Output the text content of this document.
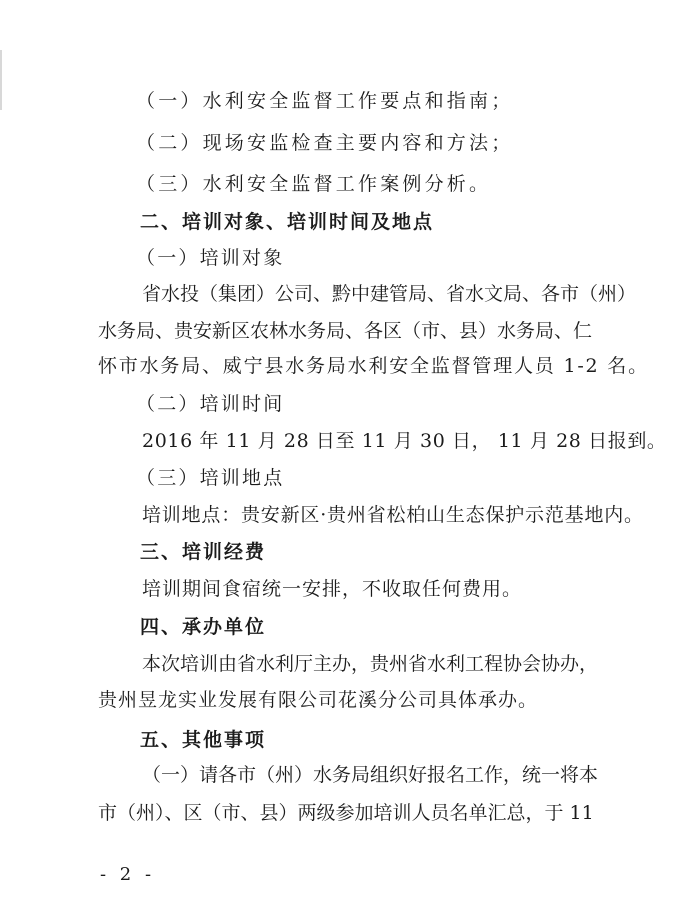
（一）水利安全监督工作要点和指南；
（二）现场安监检查主要内容和方法；
（三）水利安全监督工作案例分析。
二、培训对象、培训时间及地点
（一）培训对象
省水投（集团）公司、黔中建管局、省水文局、各市（州）
水务局、贵安新区农林水务局、各区（市、县）水务局、仁
怀市水务局、威宁县水务局水利安全监督管理人员 1-2 名。
（二）培训时间
2016 年 11 月 28 日至 11 月 30 日， 11 月 28 日报到。
（三）培训地点
培训地点：贵安新区·贵州省松柏山生态保护示范基地内。
三、培训经费
培训期间食宿统一安排，不收取任何费用。
四、承办单位
本次培训由省水利厅主办，贵州省水利工程协会协办，
贵州昱龙实业发展有限公司花溪分公司具体承办。
五、其他事项
（一）请各市（州）水务局组织好报名工作，统一将本
市（州）、区（市、县）两级参加培训人员名单汇总，于 11
- 2 -
